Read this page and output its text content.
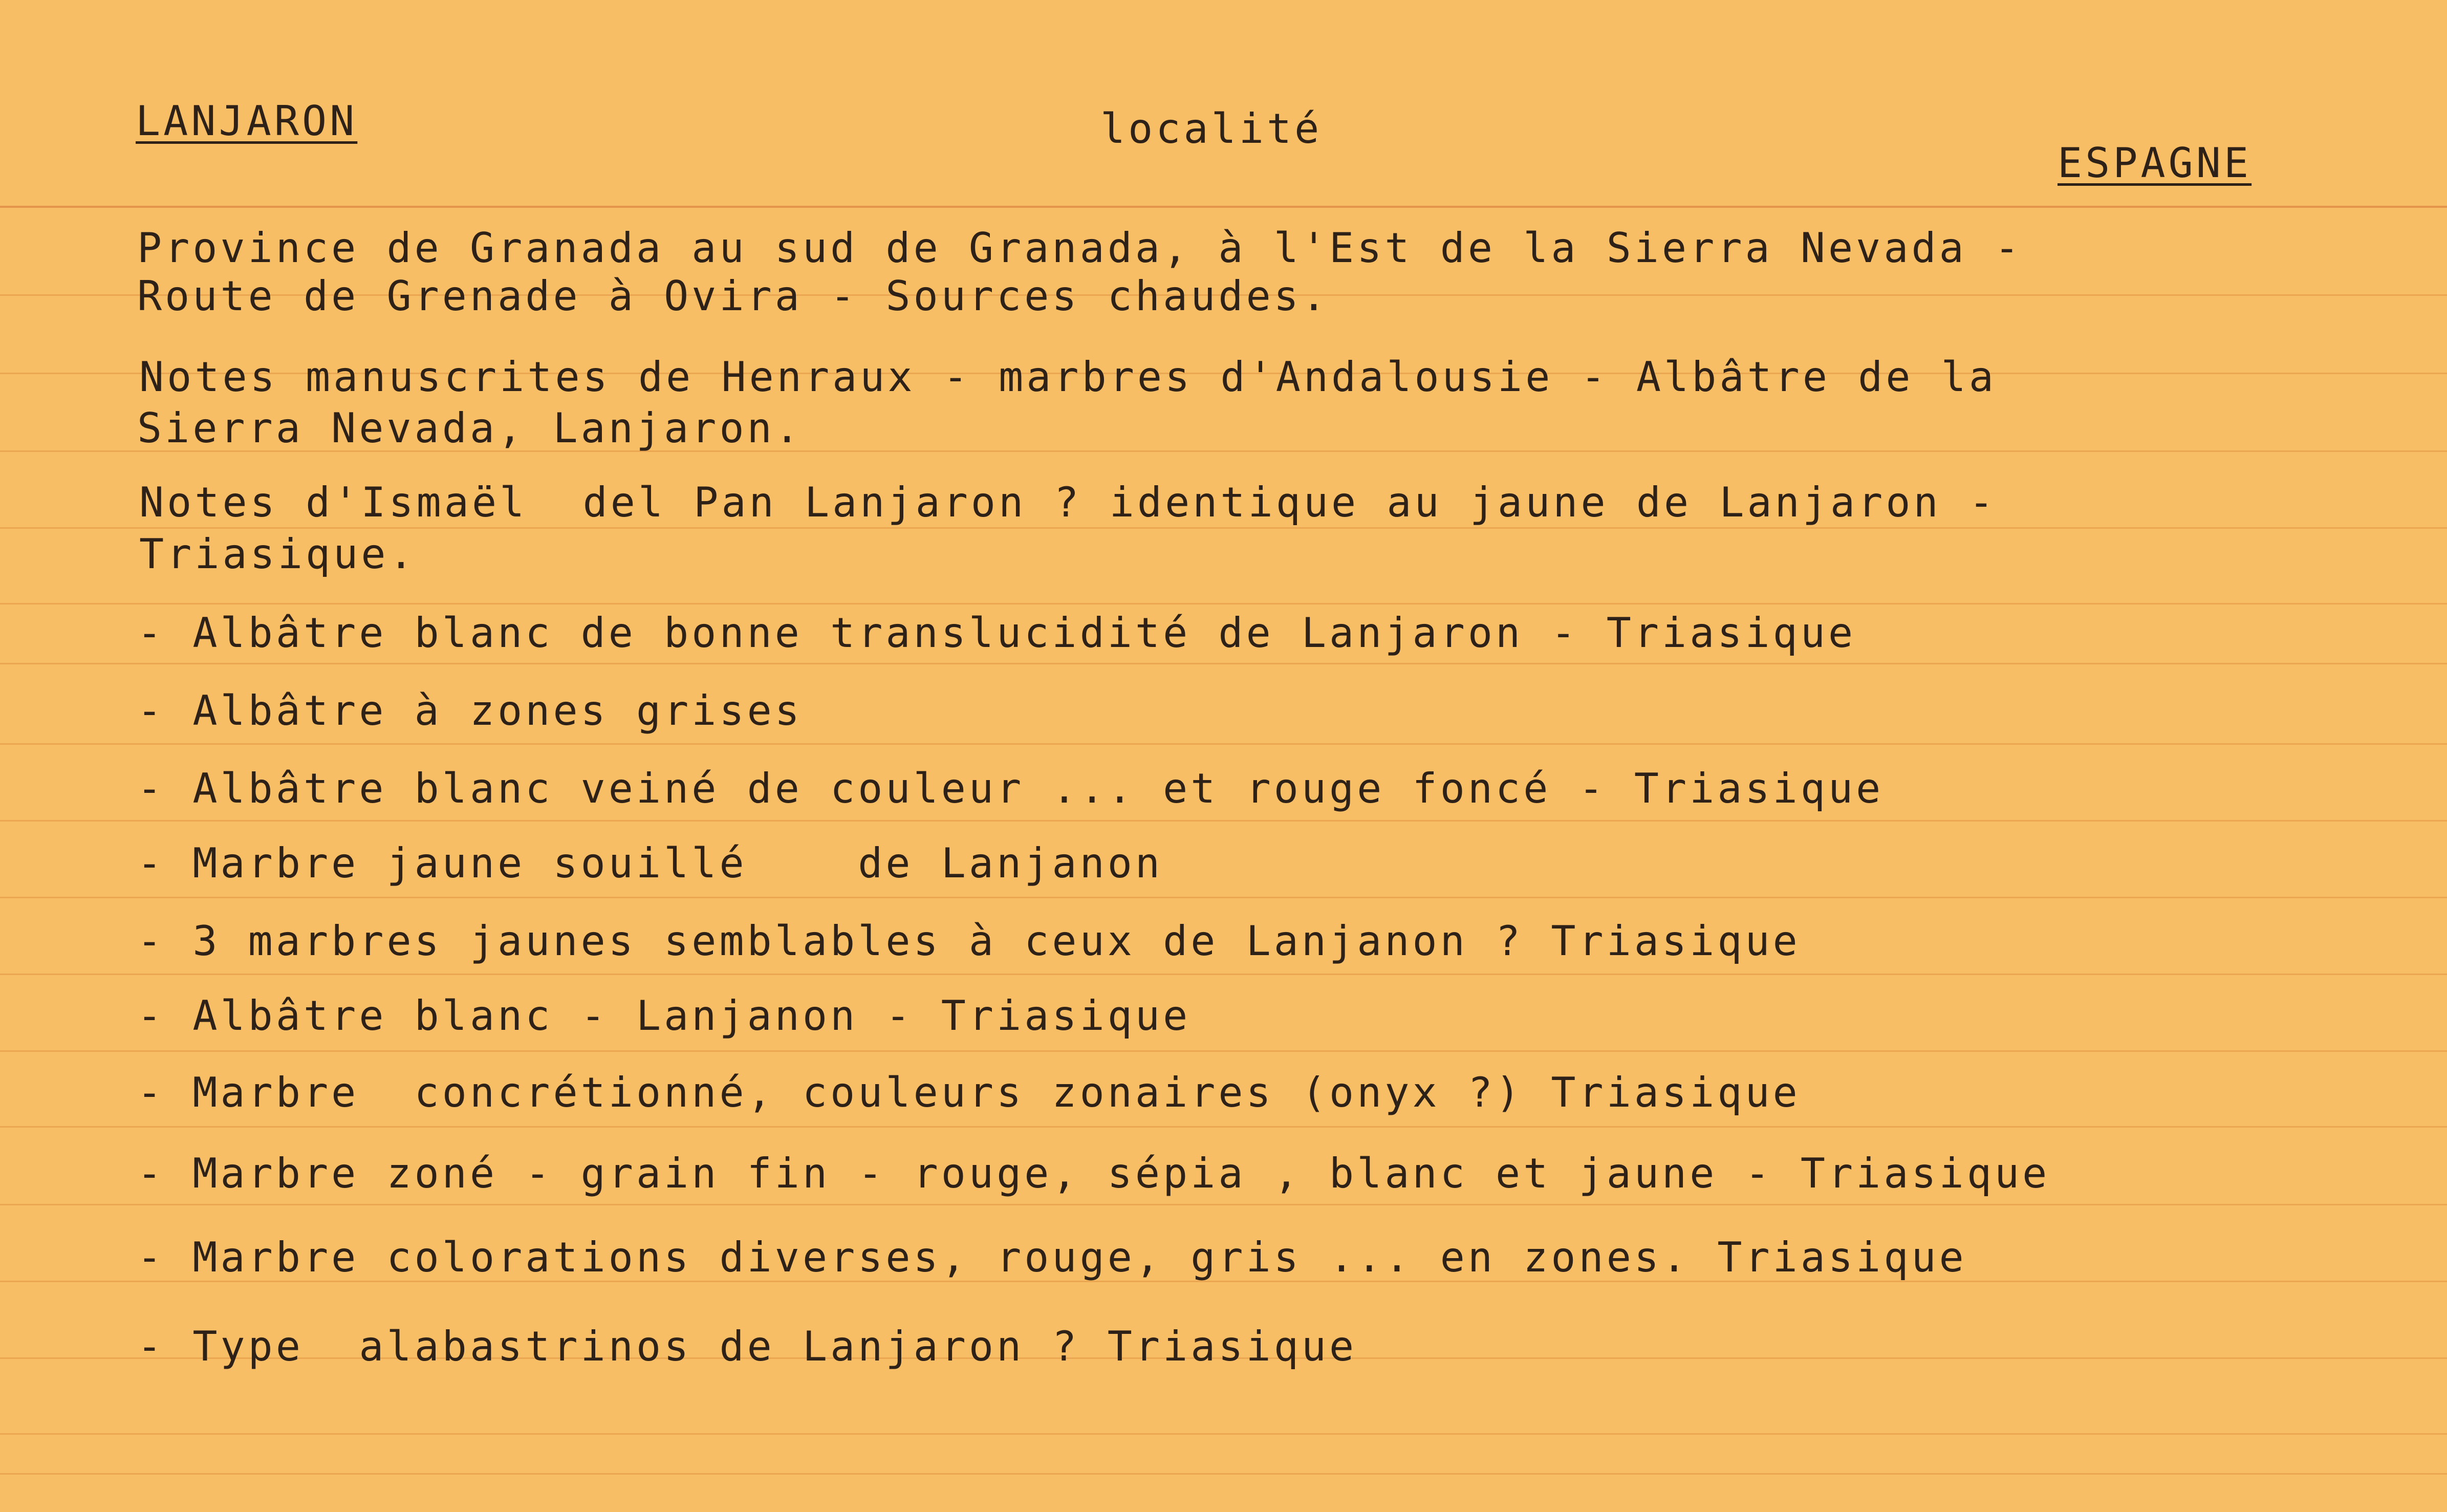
LANJARON	localité
ESPAGNE
Province de Granada au sud de Granada, à l'Est de la Sierra Nevada -
Route de Grenade à Ovira - Sources chaudes.
Notes manuscrites de Henraux - marbres d'Andalousie - Albâtre de la
Sierra Nevada, Lanjaron.
Notes d'Ismaël  del Pan Lanjaron ? identique au jaune de Lanjaron -
Triasique.
- Albâtre blanc de bonne translucidité de Lanjaron - Triasique
- Albâtre à zones grises
- Albâtre blanc veiné de couleur ... et rouge foncé - Triasique
- Marbre jaune souillé    de Lanjanon
- 3 marbres jaunes semblables à ceux de Lanjanon ? Triasique
- Albâtre blanc - Lanjanon - Triasique
- Marbre  concrétionné, couleurs zonaires (onyx ?) Triasique
- Marbre zoné - grain fin - rouge, sépia , blanc et jaune - Triasique
- Marbre colorations diverses, rouge, gris ... en zones. Triasique
- Type  alabastrinos de Lanjaron ? Triasique
